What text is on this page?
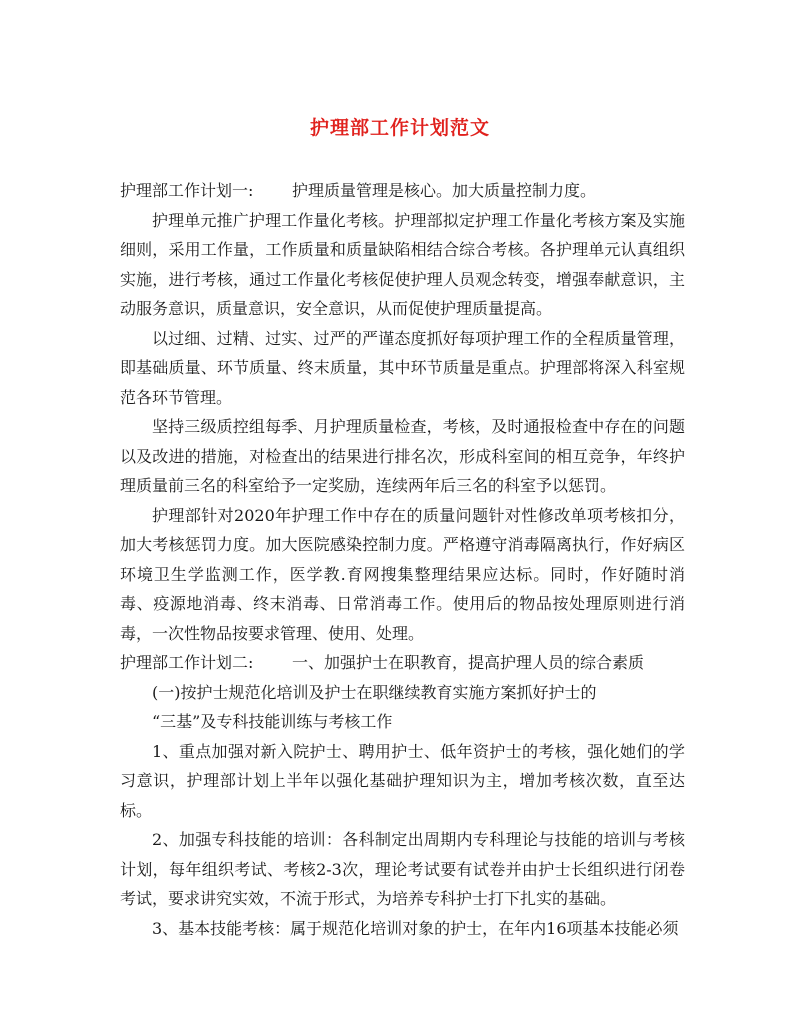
护理部工作计划范文
护理部工作计划一:	护理质量管理是核心。加大质量控制力度。

护理单元推广护理工作量化考核。护理部拟定护理工作量化考核方案及实施细则，采用工作量，工作质量和质量缺陷相结合综合考核。各护理单元认真组织实施，进行考核，通过工作量化考核促使护理人员观念转变，增强奉献意识，主动服务意识，质量意识，安全意识，从而促使护理质量提高。

以过细、过精、过实、过严的严谨态度抓好每项护理工作的全程质量管理，即基础质量、环节质量、终末质量，其中环节质量是重点。护理部将深入科室规范各环节管理。

坚持三级质控组每季、月护理质量检查，考核，及时通报检查中存在的问题以及改进的措施，对检查出的结果进行排名次，形成科室间的相互竞争，年终护理质量前三名的科室给予一定奖励，连续两年后三名的科室予以惩罚。

护理部针对2020年护理工作中存在的质量问题针对性修改单项考核扣分，加大考核惩罚力度。加大医院感染控制力度。严格遵守消毒隔离执行，作好病区环境卫生学监测工作，医学教.育网搜集整理结果应达标。同时，作好随时消毒、疫源地消毒、终末消毒、日常消毒工作。使用后的物品按处理原则进行消毒，一次性物品按要求管理、使用、处理。

护理部工作计划二:	一、加强护士在职教育，提高护理人员的综合素质

(一)按护士规范化培训及护士在职继续教育实施方案抓好护士的

“三基”及专科技能训练与考核工作

1、重点加强对新入院护士、聘用护士、低年资护士的考核，强化她们的学习意识，护理部计划上半年以强化基础护理知识为主，增加考核次数，直至达标。

2、加强专科技能的培训：各科制定出周期内专科理论与技能的培训与考核计划，每年组织考试、考核2-3次，理论考试要有试卷并由护士长组织进行闭卷考试，要求讲究实效，不流于形式，为培养专科护士打下扎实的基础。

3、基本技能考核：属于规范化培训对象的护士，在年内16项基本技能必须
